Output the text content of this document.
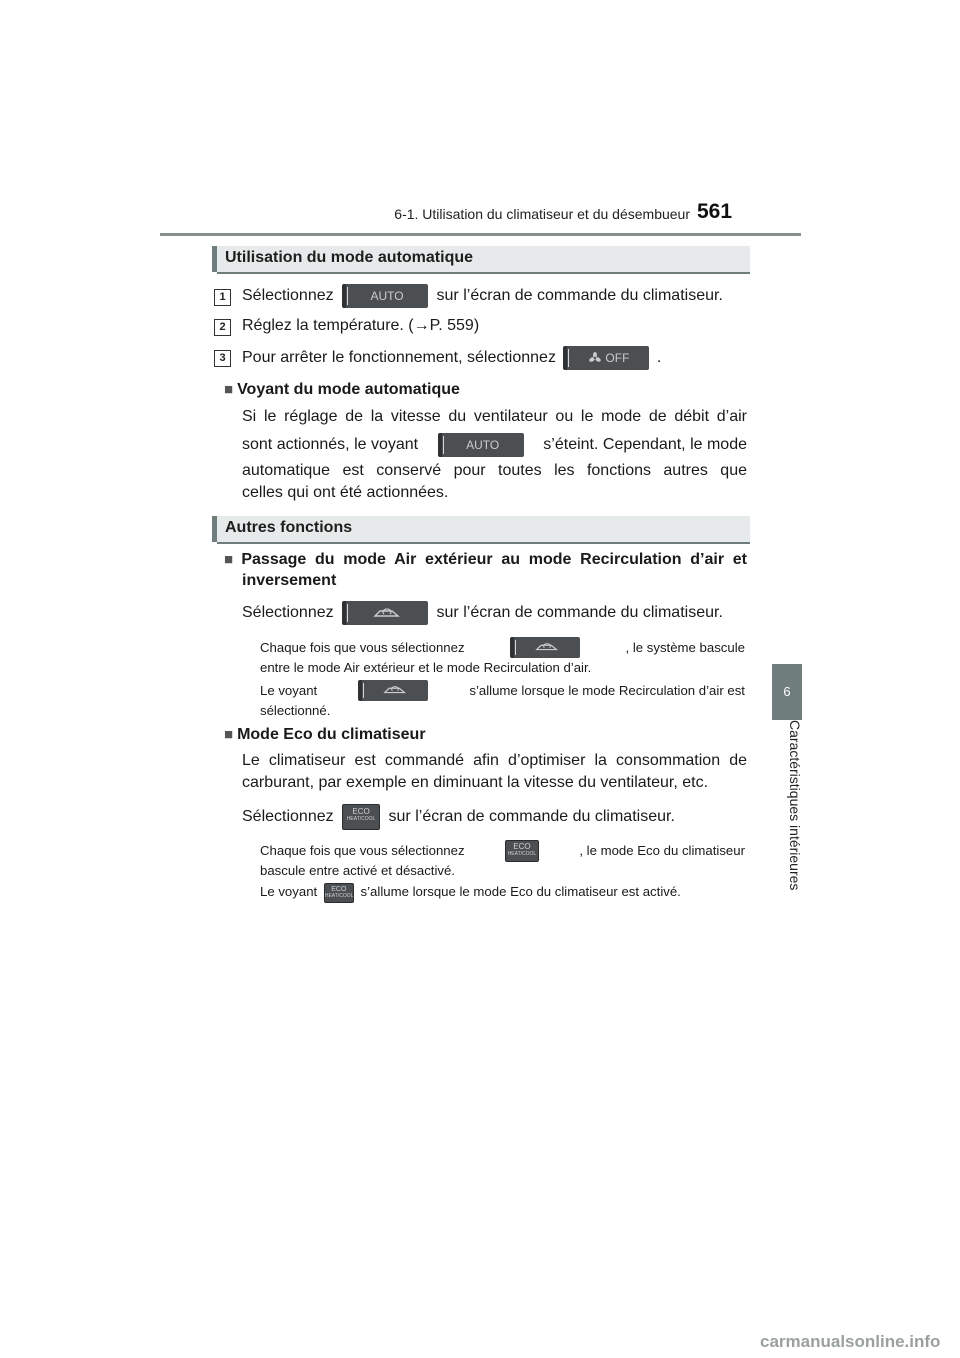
6-1. Utilisation du climatiseur et du désembueur 561
6
Caractéristiques intérieures
Utilisation du mode automatique
1	Sélectionnez	AUTO	sur l’écran de commande du climatiseur.
2	Réglez la température. (→P. 559)
3	Pour arrêter le fonctionnement, sélectionnez	OFF	.
■ Voyant du mode automatique
Si le réglage de la vitesse du ventilateur ou le mode de débit d’air
sont actionnés, le voyant	AUTO	s’éteint. Cependant, le mode
automatique est conservé pour toutes les fonctions autres que
celles qui ont été actionnées.
Autres fonctions
■ Passage du mode Air extérieur au mode Recirculation d’air et
inversement
Sélectionnez	sur l’écran de commande du climatiseur.
Chaque fois que vous sélectionnez	, le système bascule
entre le mode Air extérieur et le mode Recirculation d’air.
Le voyant	s’allume lorsque le mode Recirculation d’air est
sélectionné.
■ Mode Eco du climatiseur
Le climatiseur est commandé afin d’optimiser la consommation de
carburant, par exemple en diminuant la vitesse du ventilateur, etc.
Sélectionnez	ECO
HEAT/COOL sur l’écran de commande du climatiseur.
Chaque fois que vous sélectionnez	ECO
HEAT/COOL	, le mode Eco du climatiseur
bascule entre activé et désactivé.
Le voyant	ECO
HEAT/COOL s’allume lorsque le mode Eco du climatiseur est activé.
carmanualsonline.info
